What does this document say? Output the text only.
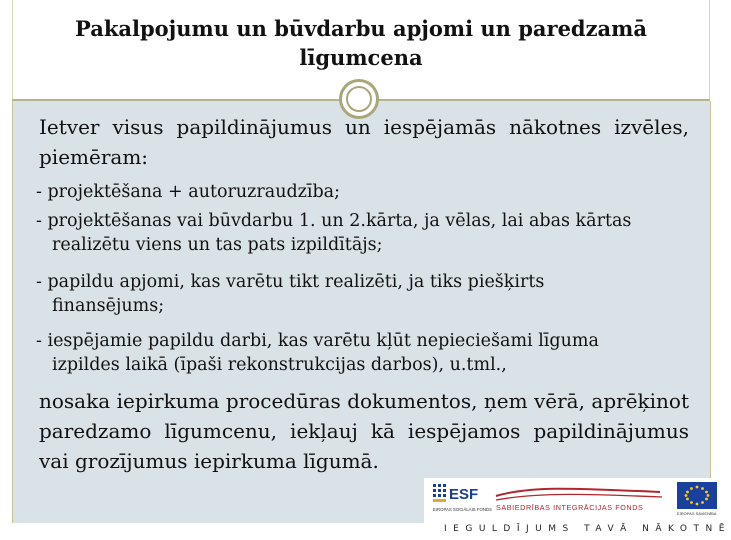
Pakalpojumu un būvdarbu apjomi un paredzamā līgumcena
Ietver visus papildinājumus un iespējamās nākotnes izvēles, piemēram:
- projektēšana + autoruzraudzība;
- projektēšanas vai būvdarbu 1. un 2.kārta, ja vēlas, lai abas kārtas
realizētu viens un tas pats izpildītājs;
- papildu apjomi, kas varētu tikt realizēti, ja tiks piešķirts
finansējums;
- iespējamie papildu darbi, kas varētu kļūt nepieciešami līguma
izpildes laikā (īpaši rekonstrukcijas darbos), u.tml.,
nosaka iepirkuma procedūras dokumentos, ņem vērā, aprēķinot paredzamo līgumcenu, iekļauj kā iespējamos papildinājumus vai grozījumus iepirkuma līgumā.
ESF
EIROPAS SOCIĀLAIS FONDS SABIEDRĪBAS INTEGRĀCIJAS FONDS
EIROPAS SAVIENĪBA
IEGULDĪJUMS TAVĀ NĀKOTNĒ
